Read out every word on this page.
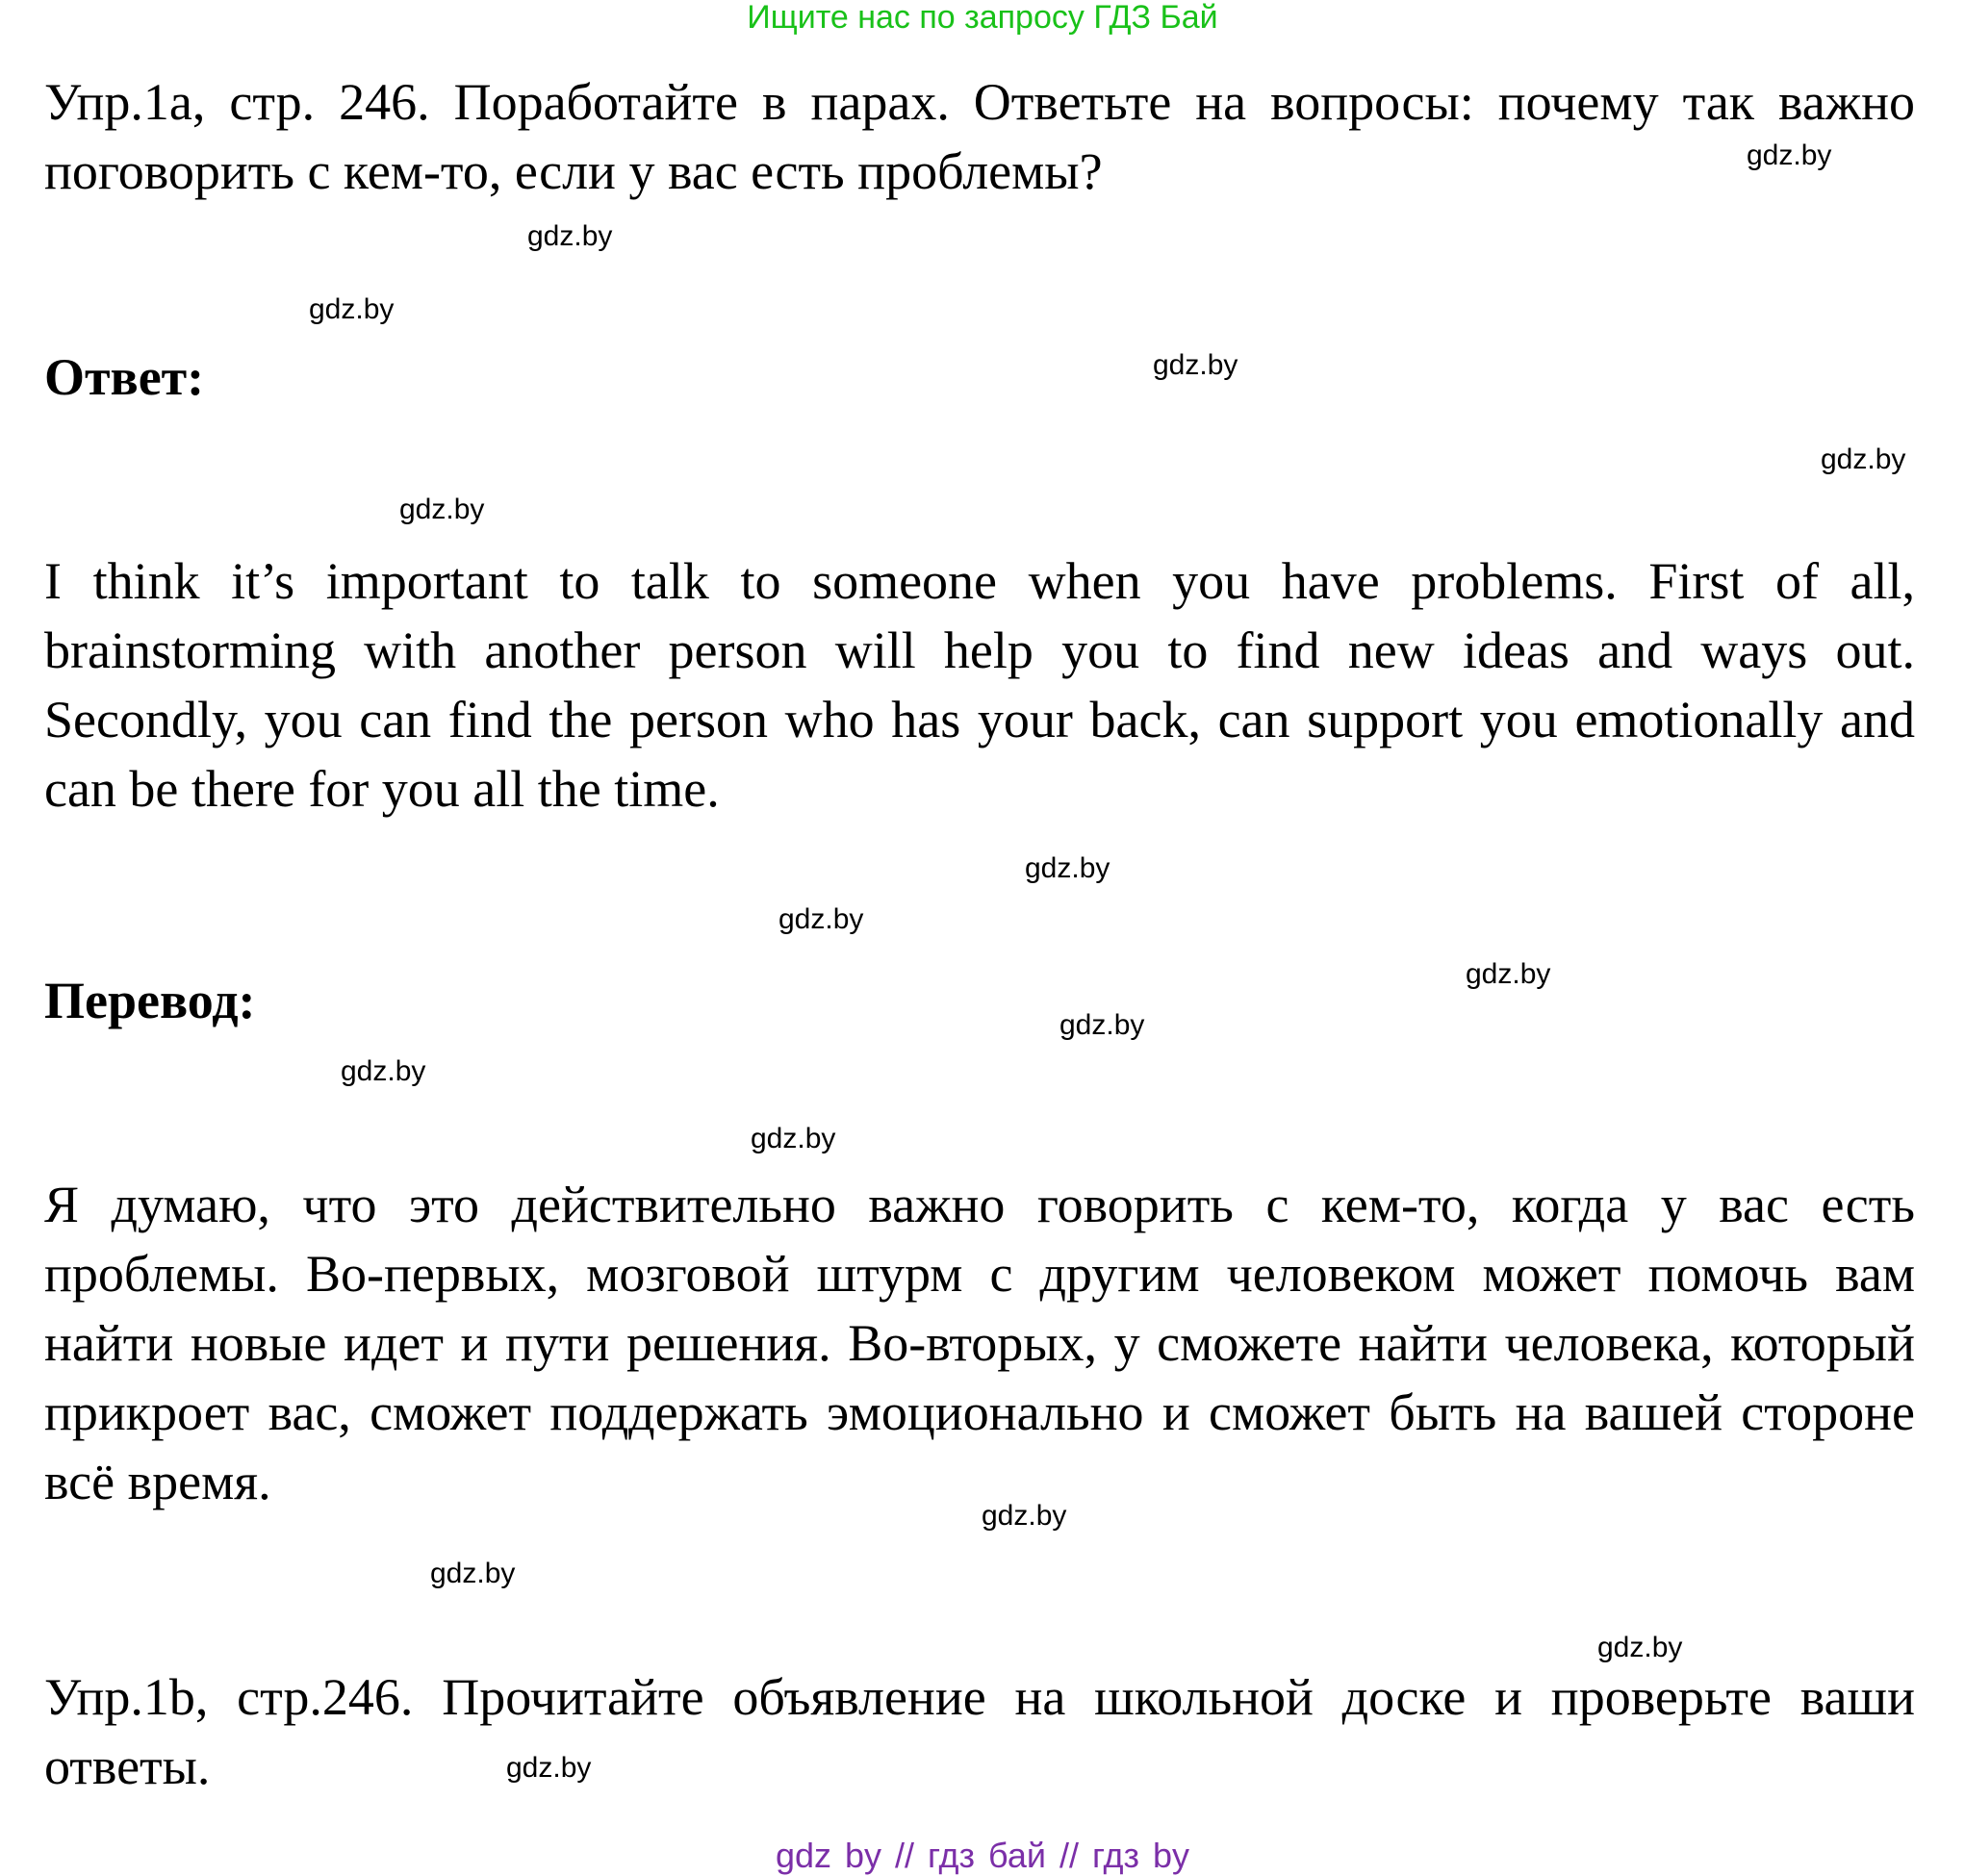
Ищите нас по запросу ГДЗ Бай

Упр.1a, стр. 246. Поработайте в парах. Ответьте на вопросы: почему так важно поговорить с кем-то, если у вас есть проблемы?

Ответ:

I think it’s important to talk to someone when you have problems. First of all, brainstorming with another person will help you to find new ideas and ways out. Secondly, you can find the person who has your back, can support you emotionally and can be there for you all the time.

Перевод:

Я думаю, что это действительно важно говорить с кем-то, когда у вас есть проблемы. Во-первых, мозговой штурм с другим человеком может помочь вам найти новые идет и пути решения. Во-вторых, у сможете найти человека, который прикроет вас, сможет поддержать эмоционально и сможет быть на вашей стороне всё время.

Упр.1b, стр.246. Прочитайте объявление на школьной доске и проверьте ваши ответы.

gdz.by
gdz.by
gdz.by
gdz.by
gdz.by
gdz.by
gdz.by
gdz.by
gdz.by
gdz.by
gdz.by
gdz.by
gdz.by
gdz.by
gdz.by
gdz.by
gdz by // гдз бай // гдз by
